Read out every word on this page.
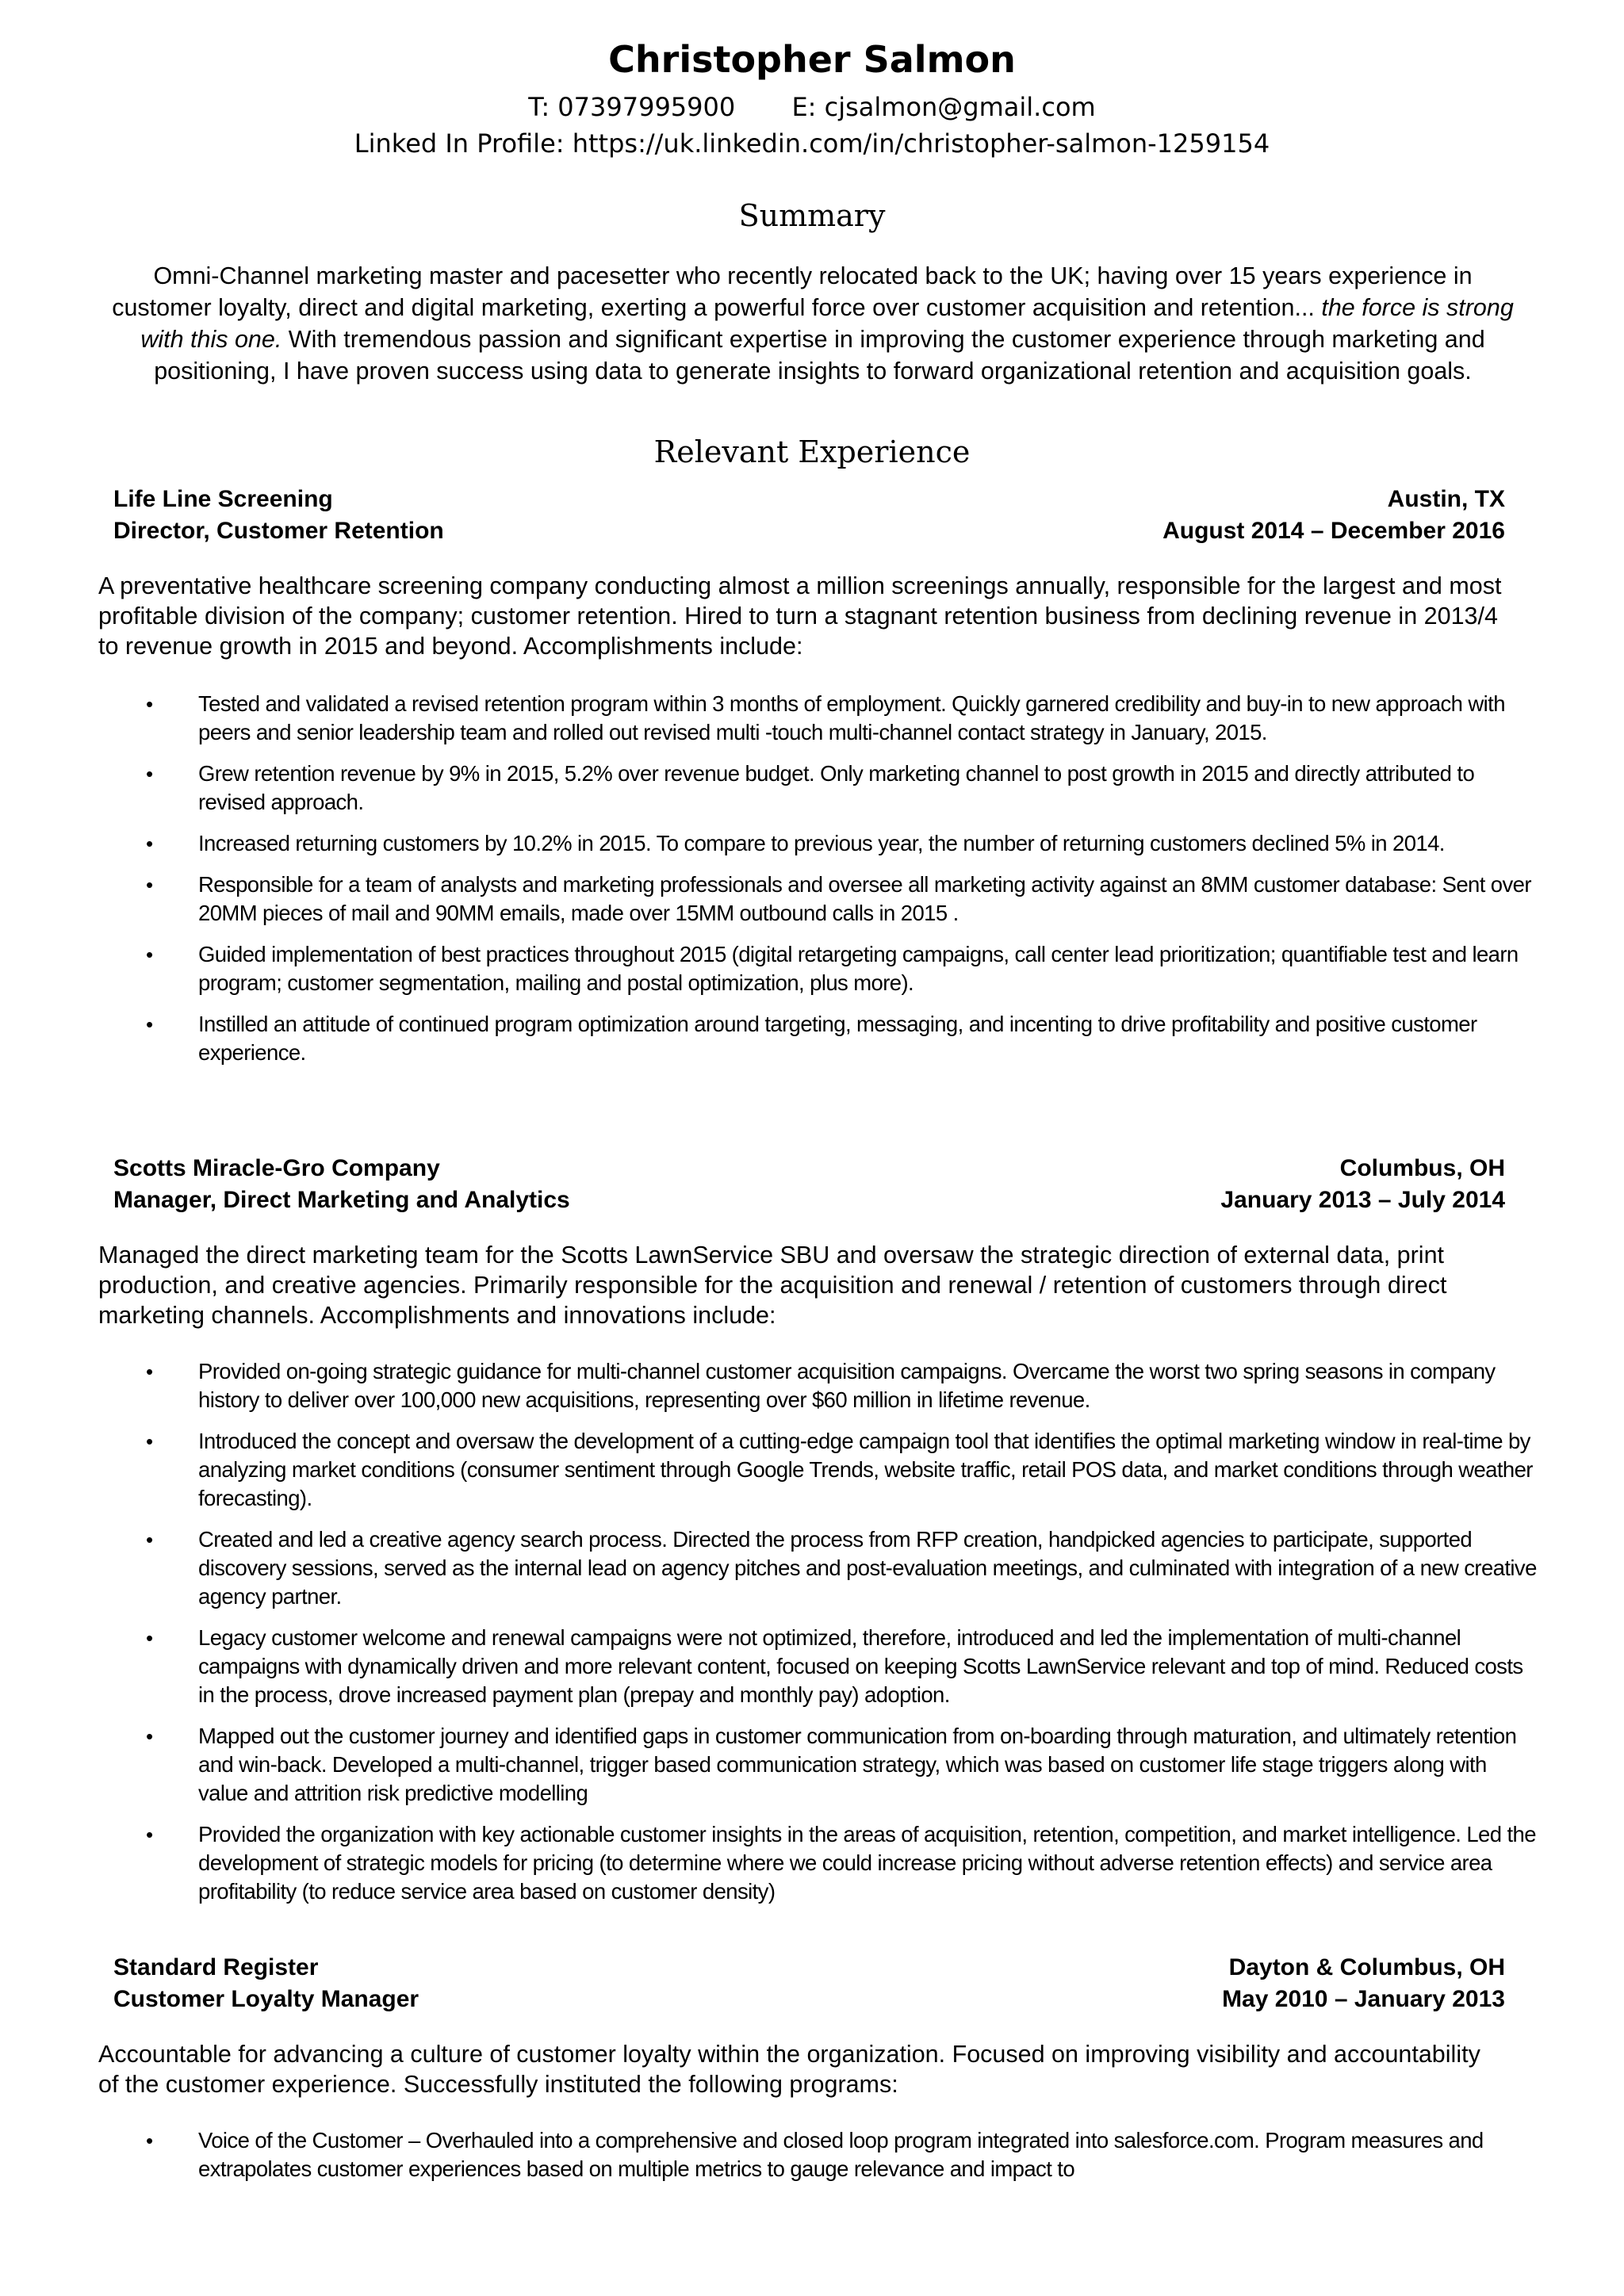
Christopher Salmon
T: 07397995900       E: cjsalmon@gmail.com
Linked In Profile: https://uk.linkedin.com/in/christopher-salmon-1259154
Summary
Omni-Channel marketing master and pacesetter who recently relocated back to the UK; having over 15 years experience in customer loyalty, direct and digital marketing, exerting a powerful force over customer acquisition and retention... the force is strong with this one. With tremendous passion and significant expertise in improving the customer experience through marketing and positioning, I have proven success using data to generate insights to forward organizational retention and acquisition goals.
Relevant Experience
Life Line Screening	Austin, TX
Director, Customer Retention	August 2014 – December 2016
A preventative healthcare screening company conducting almost a million screenings annually, responsible for the largest and most profitable division of the company; customer retention. Hired to turn a stagnant retention business from declining revenue in 2013/4 to revenue growth in 2015 and beyond. Accomplishments include:
• Tested and validated a revised retention program within 3 months of employment. Quickly garnered credibility and buy-in to new approach with peers and senior leadership team and rolled out revised multi -touch multi-channel contact strategy in January, 2015.
• Grew retention revenue by 9% in 2015, 5.2% over revenue budget. Only marketing channel to post growth in 2015 and directly attributed to revised approach.
• Increased returning customers by 10.2% in 2015. To compare to previous year, the number of returning customers declined 5% in 2014.
• Responsible for a team of analysts and marketing professionals and oversee all marketing activity against an 8MM customer database: Sent over 20MM pieces of mail and 90MM emails, made over 15MM outbound calls in 2015 .
• Guided implementation of best practices throughout 2015 (digital retargeting campaigns, call center lead prioritization; quantifiable test and learn program; customer segmentation, mailing and postal optimization, plus more).
• Instilled an attitude of continued program optimization around targeting, messaging, and incenting to drive profitability and positive customer experience.
Scotts Miracle-Gro Company	Columbus, OH
Manager, Direct Marketing and Analytics	January 2013 – July 2014
Managed the direct marketing team for the Scotts LawnService SBU and oversaw the strategic direction of external data, print production, and creative agencies. Primarily responsible for the acquisition and renewal / retention of customers through direct marketing channels. Accomplishments and innovations include:
• Provided on-going strategic guidance for multi-channel customer acquisition campaigns. Overcame the worst two spring seasons in company history to deliver over 100,000 new acquisitions, representing over $60 million in lifetime revenue.
• Introduced the concept and oversaw the development of a cutting-edge campaign tool that identifies the optimal marketing window in real-time by analyzing market conditions (consumer sentiment through Google Trends, website traffic, retail POS data, and market conditions through weather forecasting).
• Created and led a creative agency search process. Directed the process from RFP creation, handpicked agencies to participate, supported discovery sessions, served as the internal lead on agency pitches and post-evaluation meetings, and culminated with integration of a new creative agency partner.
• Legacy customer welcome and renewal campaigns were not optimized, therefore, introduced and led the implementation of multi-channel campaigns with dynamically driven and more relevant content, focused on keeping Scotts LawnService relevant and top of mind. Reduced costs in the process, drove increased payment plan (prepay and monthly pay) adoption.
• Mapped out the customer journey and identified gaps in customer communication from on-boarding through maturation, and ultimately retention and win-back. Developed a multi-channel, trigger based communication strategy, which was based on customer life stage triggers along with value and attrition risk predictive modelling
• Provided the organization with key actionable customer insights in the areas of acquisition, retention, competition, and market intelligence. Led the development of strategic models for pricing (to determine where we could increase pricing without adverse retention effects) and service area profitability (to reduce service area based on customer density)
Standard Register	Dayton & Columbus, OH
Customer Loyalty Manager	May 2010 – January 2013
Accountable for advancing a culture of customer loyalty within the organization. Focused on improving visibility and accountability of the customer experience. Successfully instituted the following programs:
• Voice of the Customer – Overhauled into a comprehensive and closed loop program integrated into salesforce.com. Program measures and extrapolates customer experiences based on multiple metrics to gauge relevance and impact to
